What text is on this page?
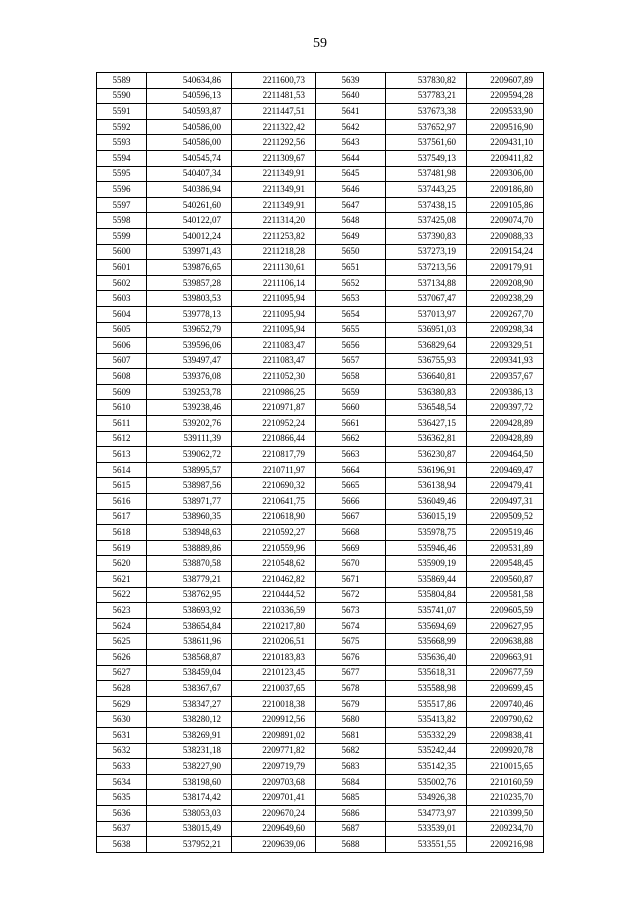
59
5589	540634,86	2211600,73	5639	537830,82	2209607,89
5590	540596,13	2211481,53	5640	537783,21	2209594,28
5591	540593,87	2211447,51	5641	537673,38	2209533,90
5592	540586,00	2211322,42	5642	537652,97	2209516,90
5593	540586,00	2211292,56	5643	537561,60	2209431,10
5594	540545,74	2211309,67	5644	537549,13	2209411,82
5595	540407,34	2211349,91	5645	537481,98	2209306,00
5596	540386,94	2211349,91	5646	537443,25	2209186,80
5597	540261,60	2211349,91	5647	537438,15	2209105,86
5598	540122,07	2211314,20	5648	537425,08	2209074,70
5599	540012,24	2211253,82	5649	537390,83	2209088,33
5600	539971,43	2211218,28	5650	537273,19	2209154,24
5601	539876,65	2211130,61	5651	537213,56	2209179,91
5602	539857,28	2211106,14	5652	537134,88	2209208,90
5603	539803,53	2211095,94	5653	537067,47	2209238,29
5604	539778,13	2211095,94	5654	537013,97	2209267,70
5605	539652,79	2211095,94	5655	536951,03	2209298,34
5606	539596,06	2211083,47	5656	536829,64	2209329,51
5607	539497,47	2211083,47	5657	536755,93	2209341,93
5608	539376,08	2211052,30	5658	536640,81	2209357,67
5609	539253,78	2210986,25	5659	536380,83	2209386,13
5610	539238,46	2210971,87	5660	536548,54	2209397,72
5611	539202,76	2210952,24	5661	536427,15	2209428,89
5612	539111,39	2210866,44	5662	536362,81	2209428,89
5613	539062,72	2210817,79	5663	536230,87	2209464,50
5614	538995,57	2210711,97	5664	536196,91	2209469,47
5615	538987,56	2210690,32	5665	536138,94	2209479,41
5616	538971,77	2210641,75	5666	536049,46	2209497,31
5617	538960,35	2210618,90	5667	536015,19	2209509,52
5618	538948,63	2210592,27	5668	535978,75	2209519,46
5619	538889,86	2210559,96	5669	535946,46	2209531,89
5620	538870,58	2210548,62	5670	535909,19	2209548,45
5621	538779,21	2210462,82	5671	535869,44	2209560,87
5622	538762,95	2210444,52	5672	535804,84	2209581,58
5623	538693,92	2210336,59	5673	535741,07	2209605,59
5624	538654,84	2210217,80	5674	535694,69	2209627,95
5625	538611,96	2210206,51	5675	535668,99	2209638,88
5626	538568,87	2210183,83	5676	535636,40	2209663,91
5627	538459,04	2210123,45	5677	535618,31	2209677,59
5628	538367,67	2210037,65	5678	535588,98	2209699,45
5629	538347,27	2210018,38	5679	535517,86	2209740,46
5630	538280,12	2209912,56	5680	535413,82	2209790,62
5631	538269,91	2209891,02	5681	535332,29	2209838,41
5632	538231,18	2209771,82	5682	535242,44	2209920,78
5633	538227,90	2209719,79	5683	535142,35	2210015,65
5634	538198,60	2209703,68	5684	535002,76	2210160,59
5635	538174,42	2209701,41	5685	534926,38	2210235,70
5636	538053,03	2209670,24	5686	534773,97	2210399,50
5637	538015,49	2209649,60	5687	533539,01	2209234,70
5638	537952,21	2209639,06	5688	533551,55	2209216,98
